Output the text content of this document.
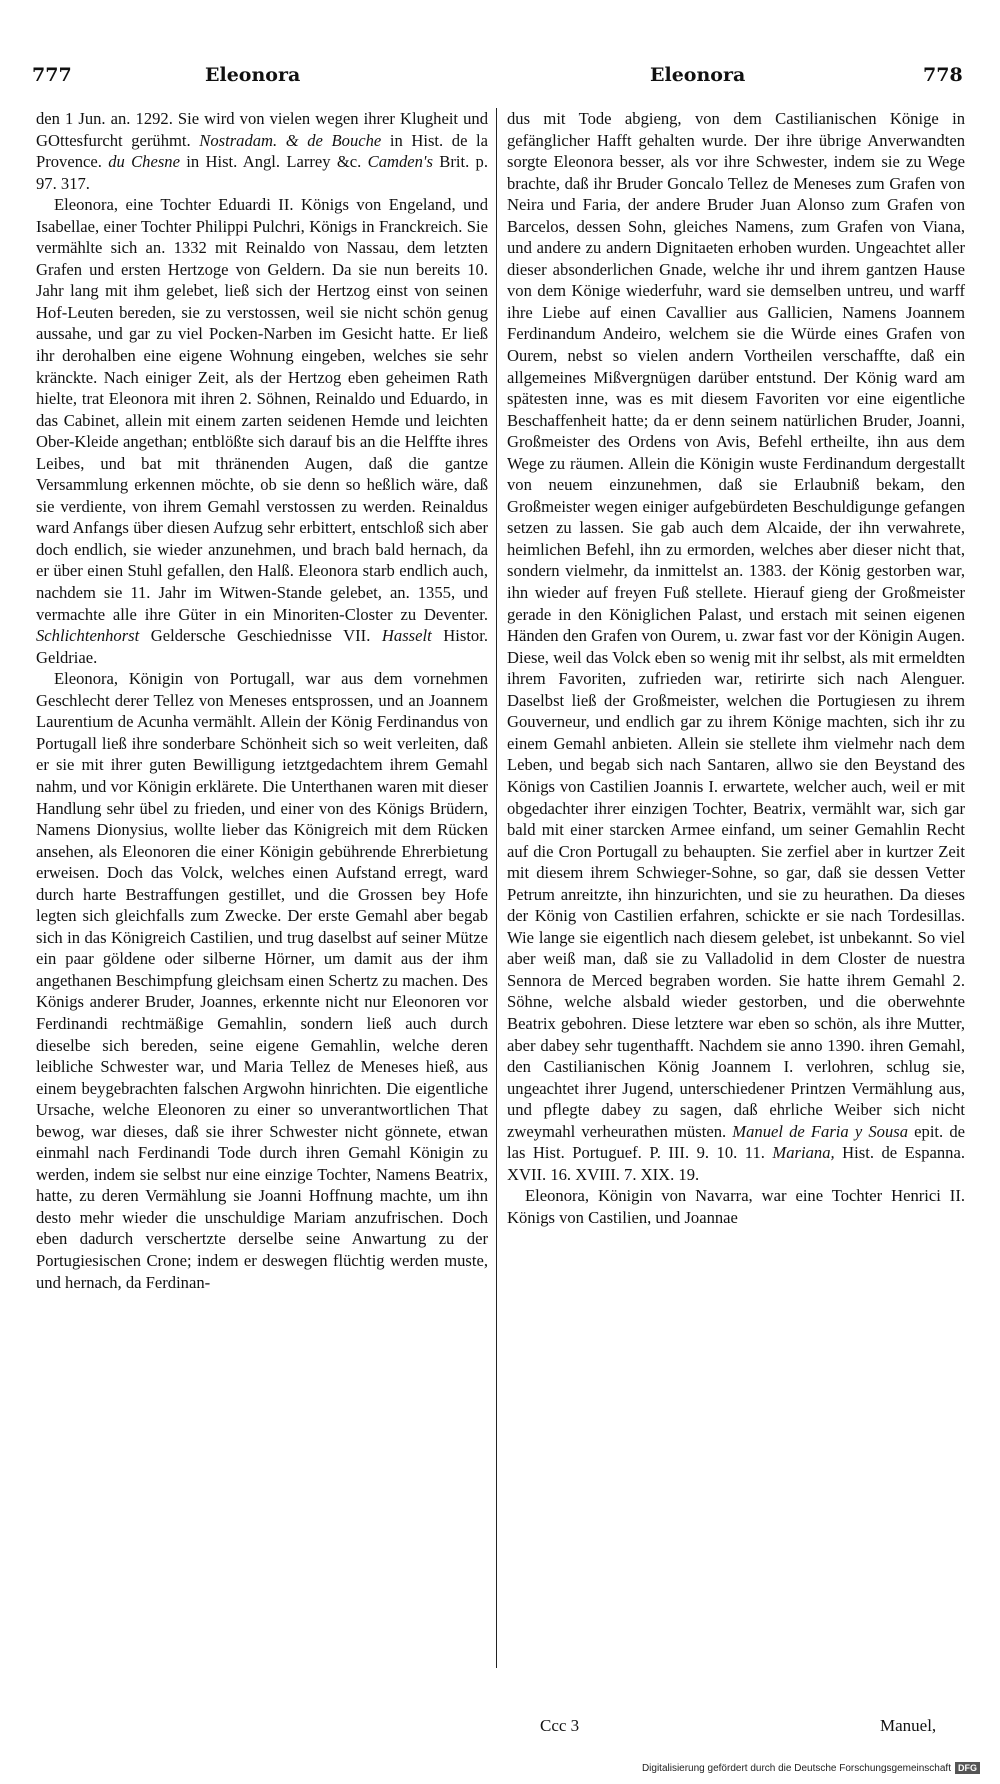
777	Eleonora	Eleonora	778

den 1 Jun. an. 1292. Sie wird von vielen wegen ihrer Klugheit und GOttesfurcht gerühmt. Nostradam. & de Bouche in Hist. de la Provence. du Chesne in Hist. Angl. Larrey &c. Camden's Brit. p. 97. 317.

Eleonora, eine Tochter Eduardi II. Königs von Engeland, und Isabellae, einer Tochter Philippi Pulchri, Königs in Franckreich. Sie vermählte sich an. 1332 mit Reinaldo von Nassau, dem letzten Grafen und ersten Hertzoge von Geldern. Da sie nun bereits 10. Jahr lang mit ihm gelebet, ließ sich der Hertzog einst von seinen Hof-Leuten bereden, sie zu verstossen, weil sie nicht schön genug aussahe, und gar zu viel Pocken-Narben im Gesicht hatte. Er ließ ihr derohalben eine eigene Wohnung eingeben, welches sie sehr kränckte. Nach einiger Zeit, als der Hertzog eben geheimen Rath hielte, trat Eleonora mit ihren 2. Söhnen, Reinaldo und Eduardo, in das Cabinet, allein mit einem zarten seidenen Hemde und leichten Ober-Kleide angethan; entblößte sich darauf bis an die Helffte ihres Leibes, und bat mit thränenden Augen, daß die gantze Versammlung erkennen möchte, ob sie denn so heßlich wäre, daß sie verdiente, von ihrem Gemahl verstossen zu werden. Reinaldus ward Anfangs über diesen Aufzug sehr erbittert, entschloß sich aber doch endlich, sie wieder anzunehmen, und brach bald hernach, da er über einen Stuhl gefallen, den Halß. Eleonora starb endlich auch, nachdem sie 11. Jahr im Witwen-Stande gelebet, an. 1355, und vermachte alle ihre Güter in ein Minoriten-Closter zu Deventer. Schlichtenhorst Geldersche Geschiednisse VII. Hasselt Histor. Geldriae.

Eleonora, Königin von Portugall, war aus dem vornehmen Geschlecht derer Tellez von Meneses entsprossen, und an Joannem Laurentium de Acunha vermählt. Allein der König Ferdinandus von Portugall ließ ihre sonderbare Schönheit sich so weit verleiten, daß er sie mit ihrer guten Bewilligung ietztgedachtem ihrem Gemahl nahm, und vor Königin erklärete. Die Unterthanen waren mit dieser Handlung sehr übel zu frieden, und einer von des Königs Brüdern, Namens Dionysius, wollte lieber das Königreich mit dem Rücken ansehen, als Eleonoren die einer Königin gebührende Ehrerbietung erweisen. Doch das Volck, welches einen Aufstand erregt, ward durch harte Bestraffungen gestillet, und die Grossen bey Hofe legten sich gleichfalls zum Zwecke. Der erste Gemahl aber begab sich in das Königreich Castilien, und trug daselbst auf seiner Mütze ein paar göldene oder silberne Hörner, um damit aus der ihm angethanen Beschimpfung gleichsam einen Schertz zu machen. Des Königs anderer Bruder, Joannes, erkennte nicht nur Eleonoren vor Ferdinandi rechtmäßige Gemahlin, sondern ließ auch durch dieselbe sich bereden, seine eigene Gemahlin, welche deren leibliche Schwester war, und Maria Tellez de Meneses hieß, aus einem beygebrachten falschen Argwohn hinrichten. Die eigentliche Ursache, welche Eleonoren zu einer so unverantwortlichen That bewog, war dieses, daß sie ihrer Schwester nicht gönnete, etwan einmahl nach Ferdinandi Tode durch ihren Gemahl Königin zu werden, indem sie selbst nur eine einzige Tochter, Namens Beatrix, hatte, zu deren Vermählung sie Joanni Hoffnung machte, um ihn desto mehr wieder die unschuldige Mariam anzufrischen. Doch eben dadurch verschertzte derselbe seine Anwartung zu der Portugiesischen Crone; indem er deswegen flüchtig werden muste, und hernach, da Ferdinan-

dus mit Tode abgieng, von dem Castilianischen Könige in gefänglicher Hafft gehalten wurde. Der ihre übrige Anverwandten sorgte Eleonora besser, als vor ihre Schwester, indem sie zu Wege brachte, daß ihr Bruder Goncalo Tellez de Meneses zum Grafen von Neira und Faria, der andere Bruder Juan Alonso zum Grafen von Barcelos, dessen Sohn, gleiches Namens, zum Grafen von Viana, und andere zu andern Dignitaeten erhoben wurden. Ungeachtet aller dieser absonderlichen Gnade, welche ihr und ihrem gantzen Hause von dem Könige wiederfuhr, ward sie demselben untreu, und warff ihre Liebe auf einen Cavallier aus Gallicien, Namens Joannem Ferdinandum Andeiro, welchem sie die Würde eines Grafen von Ourem, nebst so vielen andern Vortheilen verschaffte, daß ein allgemeines Mißvergnügen darüber entstund. Der König ward am spätesten inne, was es mit diesem Favoriten vor eine eigentliche Beschaffenheit hatte; da er denn seinem natürlichen Bruder, Joanni, Großmeister des Ordens von Avis, Befehl ertheilte, ihn aus dem Wege zu räumen. Allein die Königin wuste Ferdinandum dergestallt von neuem einzunehmen, daß sie Erlaubniß bekam, den Großmeister wegen einiger aufgebürdeten Beschuldigunge gefangen setzen zu lassen. Sie gab auch dem Alcaide, der ihn verwahrete, heimlichen Befehl, ihn zu ermorden, welches aber dieser nicht that, sondern vielmehr, da inmittelst an. 1383. der König gestorben war, ihn wieder auf freyen Fuß stellete. Hierauf gieng der Großmeister gerade in den Königlichen Palast, und erstach mit seinen eigenen Händen den Grafen von Ourem, u. zwar fast vor der Königin Augen. Diese, weil das Volck eben so wenig mit ihr selbst, als mit ermeldten ihrem Favoriten, zufrieden war, retirirte sich nach Alenguer. Daselbst ließ der Großmeister, welchen die Portugiesen zu ihrem Gouverneur, und endlich gar zu ihrem Könige machten, sich ihr zu einem Gemahl anbieten. Allein sie stellete ihm vielmehr nach dem Leben, und begab sich nach Santaren, allwo sie den Beystand des Königs von Castilien Joannis I. erwartete, welcher auch, weil er mit obgedachter ihrer einzigen Tochter, Beatrix, vermählt war, sich gar bald mit einer starcken Armee einfand, um seiner Gemahlin Recht auf die Cron Portugall zu behaupten. Sie zerfiel aber in kurtzer Zeit mit diesem ihrem Schwieger-Sohne, so gar, daß sie dessen Vetter Petrum anreitzte, ihn hinzurichten, und sie zu heurathen. Da dieses der König von Castilien erfahren, schickte er sie nach Tordesillas. Wie lange sie eigentlich nach diesem gelebet, ist unbekannt. So viel aber weiß man, daß sie zu Valladolid in dem Closter de nuestra Sennora de Merced begraben worden. Sie hatte ihrem Gemahl 2. Söhne, welche alsbald wieder gestorben, und die oberwehnte Beatrix gebohren. Diese letztere war eben so schön, als ihre Mutter, aber dabey sehr tugenthafft. Nachdem sie anno 1390. ihren Gemahl, den Castilianischen König Joannem I. verlohren, schlug sie, ungeachtet ihrer Jugend, unterschiedener Printzen Vermählung aus, und pflegte dabey zu sagen, daß ehrliche Weiber sich nicht zweymahl verheurathen müsten. Manuel de Faria y Sousa epit. de las Hist. Portuguef. P. III. 9. 10. 11. Mariana, Hist. de Espanna. XVII. 16. XVIII. 7. XIX. 19.

Eleonora, Königin von Navarra, war eine Tochter Henrici II. Königs von Castilien, und Joannae

Ccc 3	Manuel,
Digitalisierung gefördert durch die Deutsche Forschungsgemeinschaft DFG
